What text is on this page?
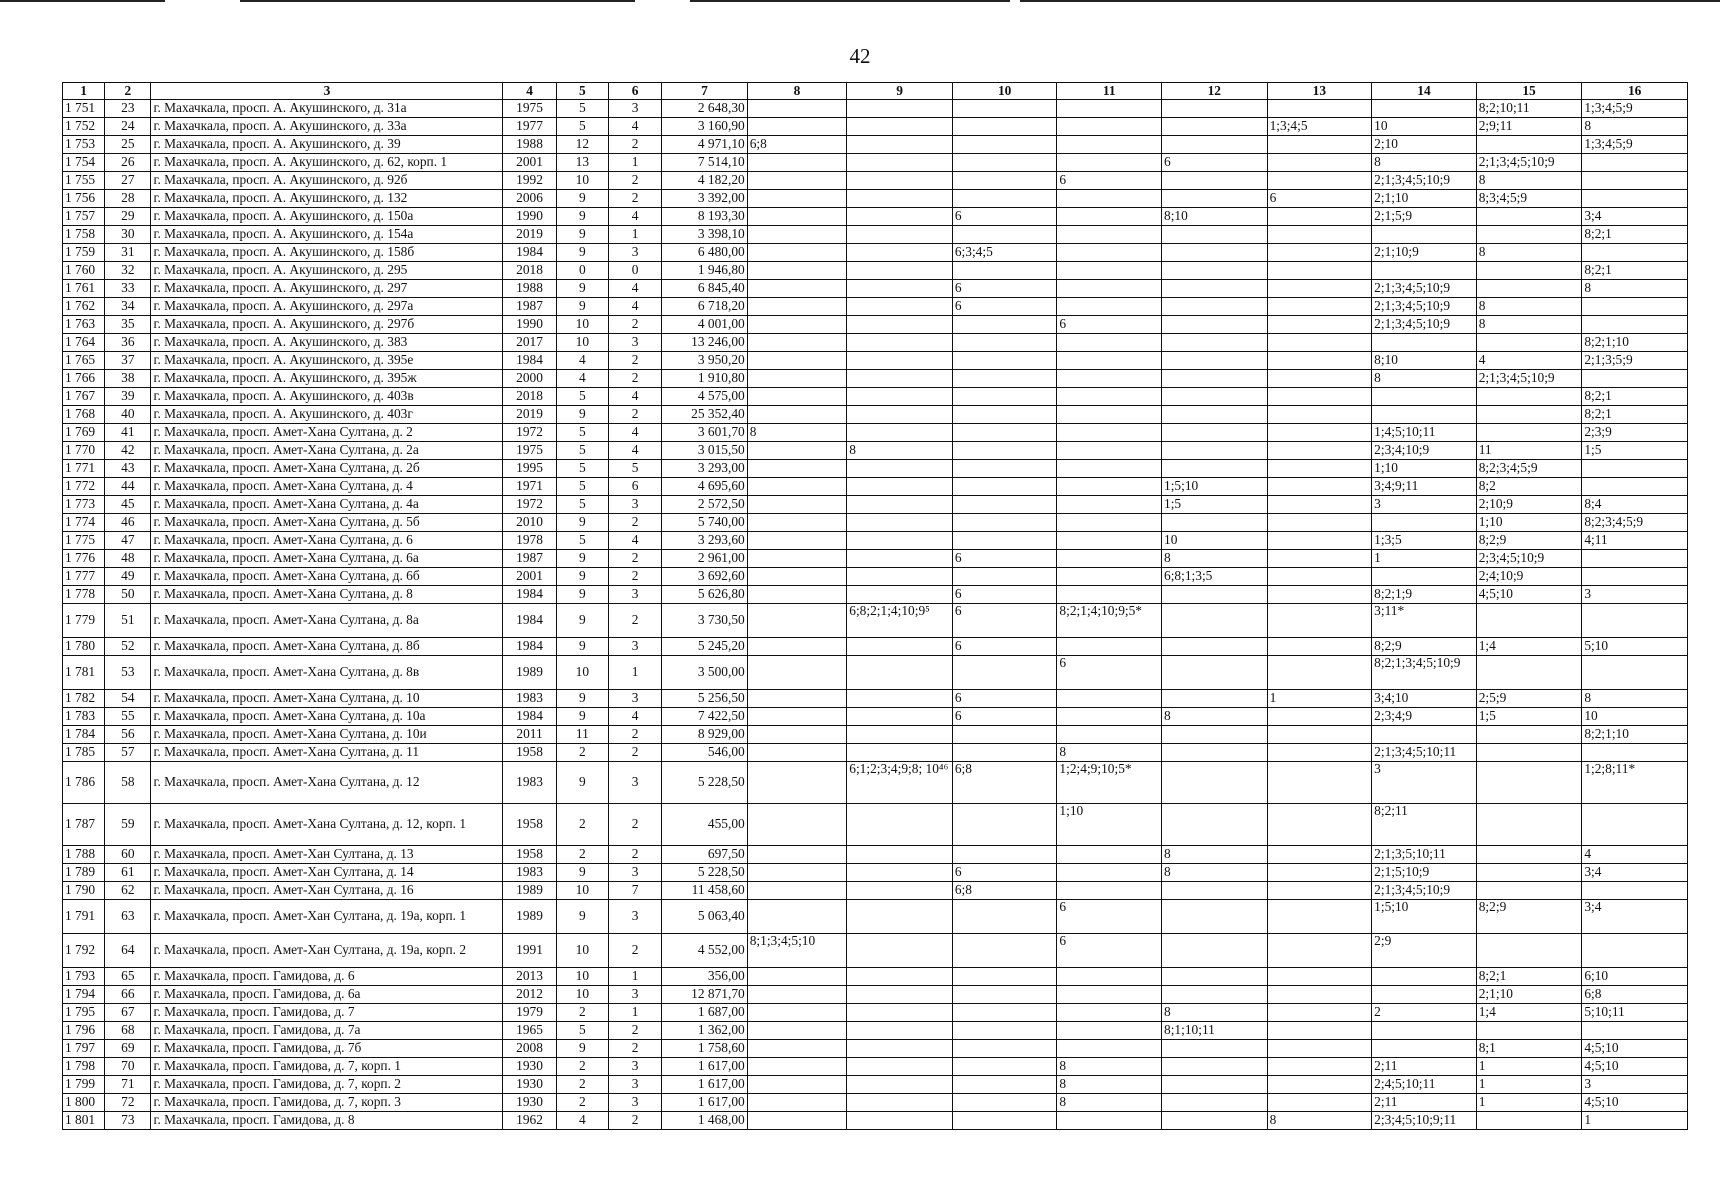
42
1	2	3	4	5	6	7	8	9	10	11	12	13	14	15	16
1 751	23	г. Махачкала, просп. А. Акушинского, д. 31а	1975	5	3	2 648,30								8;2;10;11	1;3;4;5;9
1 752	24	г. Махачкала, просп. А. Акушинского, д. 33а	1977	5	4	3 160,90						1;3;4;5	10	2;9;11	8
1 753	25	г. Махачкала, просп. А. Акушинского, д. 39	1988	12	2	4 971,10	6;8						2;10		1;3;4;5;9
1 754	26	г. Махачкала, просп. А. Акушинского, д. 62, корп. 1	2001	13	1	7 514,10					6		8	2;1;3;4;5;10;9	
1 755	27	г. Махачкала, просп. А. Акушинского, д. 92б	1992	10	2	4 182,20				6			2;1;3;4;5;10;9	8	
1 756	28	г. Махачкала, просп. А. Акушинского, д. 132	2006	9	2	3 392,00						6	2;1;10	8;3;4;5;9	
1 757	29	г. Махачкала, просп. А. Акушинского, д. 150а	1990	9	4	8 193,30			6		8;10		2;1;5;9		3;4
1 758	30	г. Махачкала, просп. А. Акушинского, д. 154а	2019	9	1	3 398,10									8;2;1
1 759	31	г. Махачкала, просп. А. Акушинского, д. 158б	1984	9	3	6 480,00			6;3;4;5				2;1;10;9	8	
1 760	32	г. Махачкала, просп. А. Акушинского, д. 295	2018	0	0	1 946,80									8;2;1
1 761	33	г. Махачкала, просп. А. Акушинского, д. 297	1988	9	4	6 845,40			6				2;1;3;4;5;10;9		8
1 762	34	г. Махачкала, просп. А. Акушинского, д. 297а	1987	9	4	6 718,20			6				2;1;3;4;5;10;9	8	
1 763	35	г. Махачкала, просп. А. Акушинского, д. 297б	1990	10	2	4 001,00				6			2;1;3;4;5;10;9	8	
1 764	36	г. Махачкала, просп. А. Акушинского, д. 383	2017	10	3	13 246,00									8;2;1;10
1 765	37	г. Махачкала, просп. А. Акушинского, д. 395е	1984	4	2	3 950,20							8;10	4	2;1;3;5;9
1 766	38	г. Махачкала, просп. А. Акушинского, д. 395ж	2000	4	2	1 910,80							8	2;1;3;4;5;10;9	
1 767	39	г. Махачкала, просп. А. Акушинского, д. 403в	2018	5	4	4 575,00									8;2;1
1 768	40	г. Махачкала, просп. А. Акушинского, д. 403г	2019	9	2	25 352,40									8;2;1
1 769	41	г. Махачкала, просп. Амет-Хана Султана, д. 2	1972	5	4	3 601,70	8						1;4;5;10;11		2;3;9
1 770	42	г. Махачкала, просп. Амет-Хана Султана, д. 2а	1975	5	4	3 015,50		8					2;3;4;10;9	11	1;5
1 771	43	г. Махачкала, просп. Амет-Хана Султана, д. 2б	1995	5	5	3 293,00							1;10	8;2;3;4;5;9	
1 772	44	г. Махачкала, просп. Амет-Хана Султана, д. 4	1971	5	6	4 695,60					1;5;10		3;4;9;11	8;2	
1 773	45	г. Махачкала, просп. Амет-Хана Султана, д. 4а	1972	5	3	2 572,50					1;5		3	2;10;9	8;4
1 774	46	г. Махачкала, просп. Амет-Хана Султана, д. 5б	2010	9	2	5 740,00								1;10	8;2;3;4;5;9
1 775	47	г. Махачкала, просп. Амет-Хана Султана, д. 6	1978	5	4	3 293,60					10		1;3;5	8;2;9	4;11
1 776	48	г. Махачкала, просп. Амет-Хана Султана, д. 6а	1987	9	2	2 961,00			6		8		1	2;3;4;5;10;9	
1 777	49	г. Махачкала, просп. Амет-Хана Султана, д. 6б	2001	9	2	3 692,60					6;8;1;3;5			2;4;10;9	
1 778	50	г. Махачкала, просп. Амет-Хана Султана, д. 8	1984	9	3	5 626,80			6				8;2;1;9	4;5;10	3
1 779	51	г. Махачкала, просп. Амет-Хана Султана, д. 8а	1984	9	2	3 730,50		6;8;2;1;4;10;9⁵	6	8;2;1;4;10;9;5*			3;11*		
1 780	52	г. Махачкала, просп. Амет-Хана Султана, д. 8б	1984	9	3	5 245,20			6				8;2;9	1;4	5;10
1 781	53	г. Махачкала, просп. Амет-Хана Султана, д. 8в	1989	10	1	3 500,00				6			8;2;1;3;4;5;10;9		
1 782	54	г. Махачкала, просп. Амет-Хана Султана, д. 10	1983	9	3	5 256,50			6			1	3;4;10	2;5;9	8
1 783	55	г. Махачкала, просп. Амет-Хана Султана, д. 10а	1984	9	4	7 422,50			6		8		2;3;4;9	1;5	10
1 784	56	г. Махачкала, просп. Амет-Хана Султана, д. 10и	2011	11	2	8 929,00									8;2;1;10
1 785	57	г. Махачкала, просп. Амет-Хана Султана, д. 11	1958	2	2	546,00				8			2;1;3;4;5;10;11		
1 786	58	г. Махачкала, просп. Амет-Хана Султана, д. 12	1983	9	3	5 228,50		6;1;2;3;4;9;8; 10⁴⁶	6;8	1;2;4;9;10;5*			3		1;2;8;11*
1 787	59	г. Махачкала, просп. Амет-Хана Султана, д. 12, корп. 1	1958	2	2	455,00				1;10			8;2;11		
1 788	60	г. Махачкала, просп. Амет-Хан Султана, д. 13	1958	2	2	697,50					8		2;1;3;5;10;11		4
1 789	61	г. Махачкала, просп. Амет-Хан Султана, д. 14	1983	9	3	5 228,50			6		8		2;1;5;10;9		3;4
1 790	62	г. Махачкала, просп. Амет-Хан Султана, д. 16	1989	10	7	11 458,60			6;8				2;1;3;4;5;10;9		
1 791	63	г. Махачкала, просп. Амет-Хан Султана, д. 19а, корп. 1	1989	9	3	5 063,40				6			1;5;10	8;2;9	3;4
1 792	64	г. Махачкала, просп. Амет-Хан Султана, д. 19а, корп. 2	1991	10	2	4 552,00	8;1;3;4;5;10			6			2;9		
1 793	65	г. Махачкала, просп. Гамидова, д. 6	2013	10	1	356,00								8;2;1	6;10
1 794	66	г. Махачкала, просп. Гамидова, д. 6а	2012	10	3	12 871,70								2;1;10	6;8
1 795	67	г. Махачкала, просп. Гамидова, д. 7	1979	2	1	1 687,00					8		2	1;4	5;10;11
1 796	68	г. Махачкала, просп. Гамидова, д. 7а	1965	5	2	1 362,00					8;1;10;11				
1 797	69	г. Махачкала, просп. Гамидова, д. 7б	2008	9	2	1 758,60								8;1	4;5;10
1 798	70	г. Махачкала, просп. Гамидова, д. 7, корп. 1	1930	2	3	1 617,00				8			2;11	1	4;5;10
1 799	71	г. Махачкала, просп. Гамидова, д. 7, корп. 2	1930	2	3	1 617,00				8			2;4;5;10;11	1	3
1 800	72	г. Махачкала, просп. Гамидова, д. 7, корп. 3	1930	2	3	1 617,00				8			2;11	1	4;5;10
1 801	73	г. Махачкала, просп. Гамидова, д. 8	1962	4	2	1 468,00						8	2;3;4;5;10;9;11		1
